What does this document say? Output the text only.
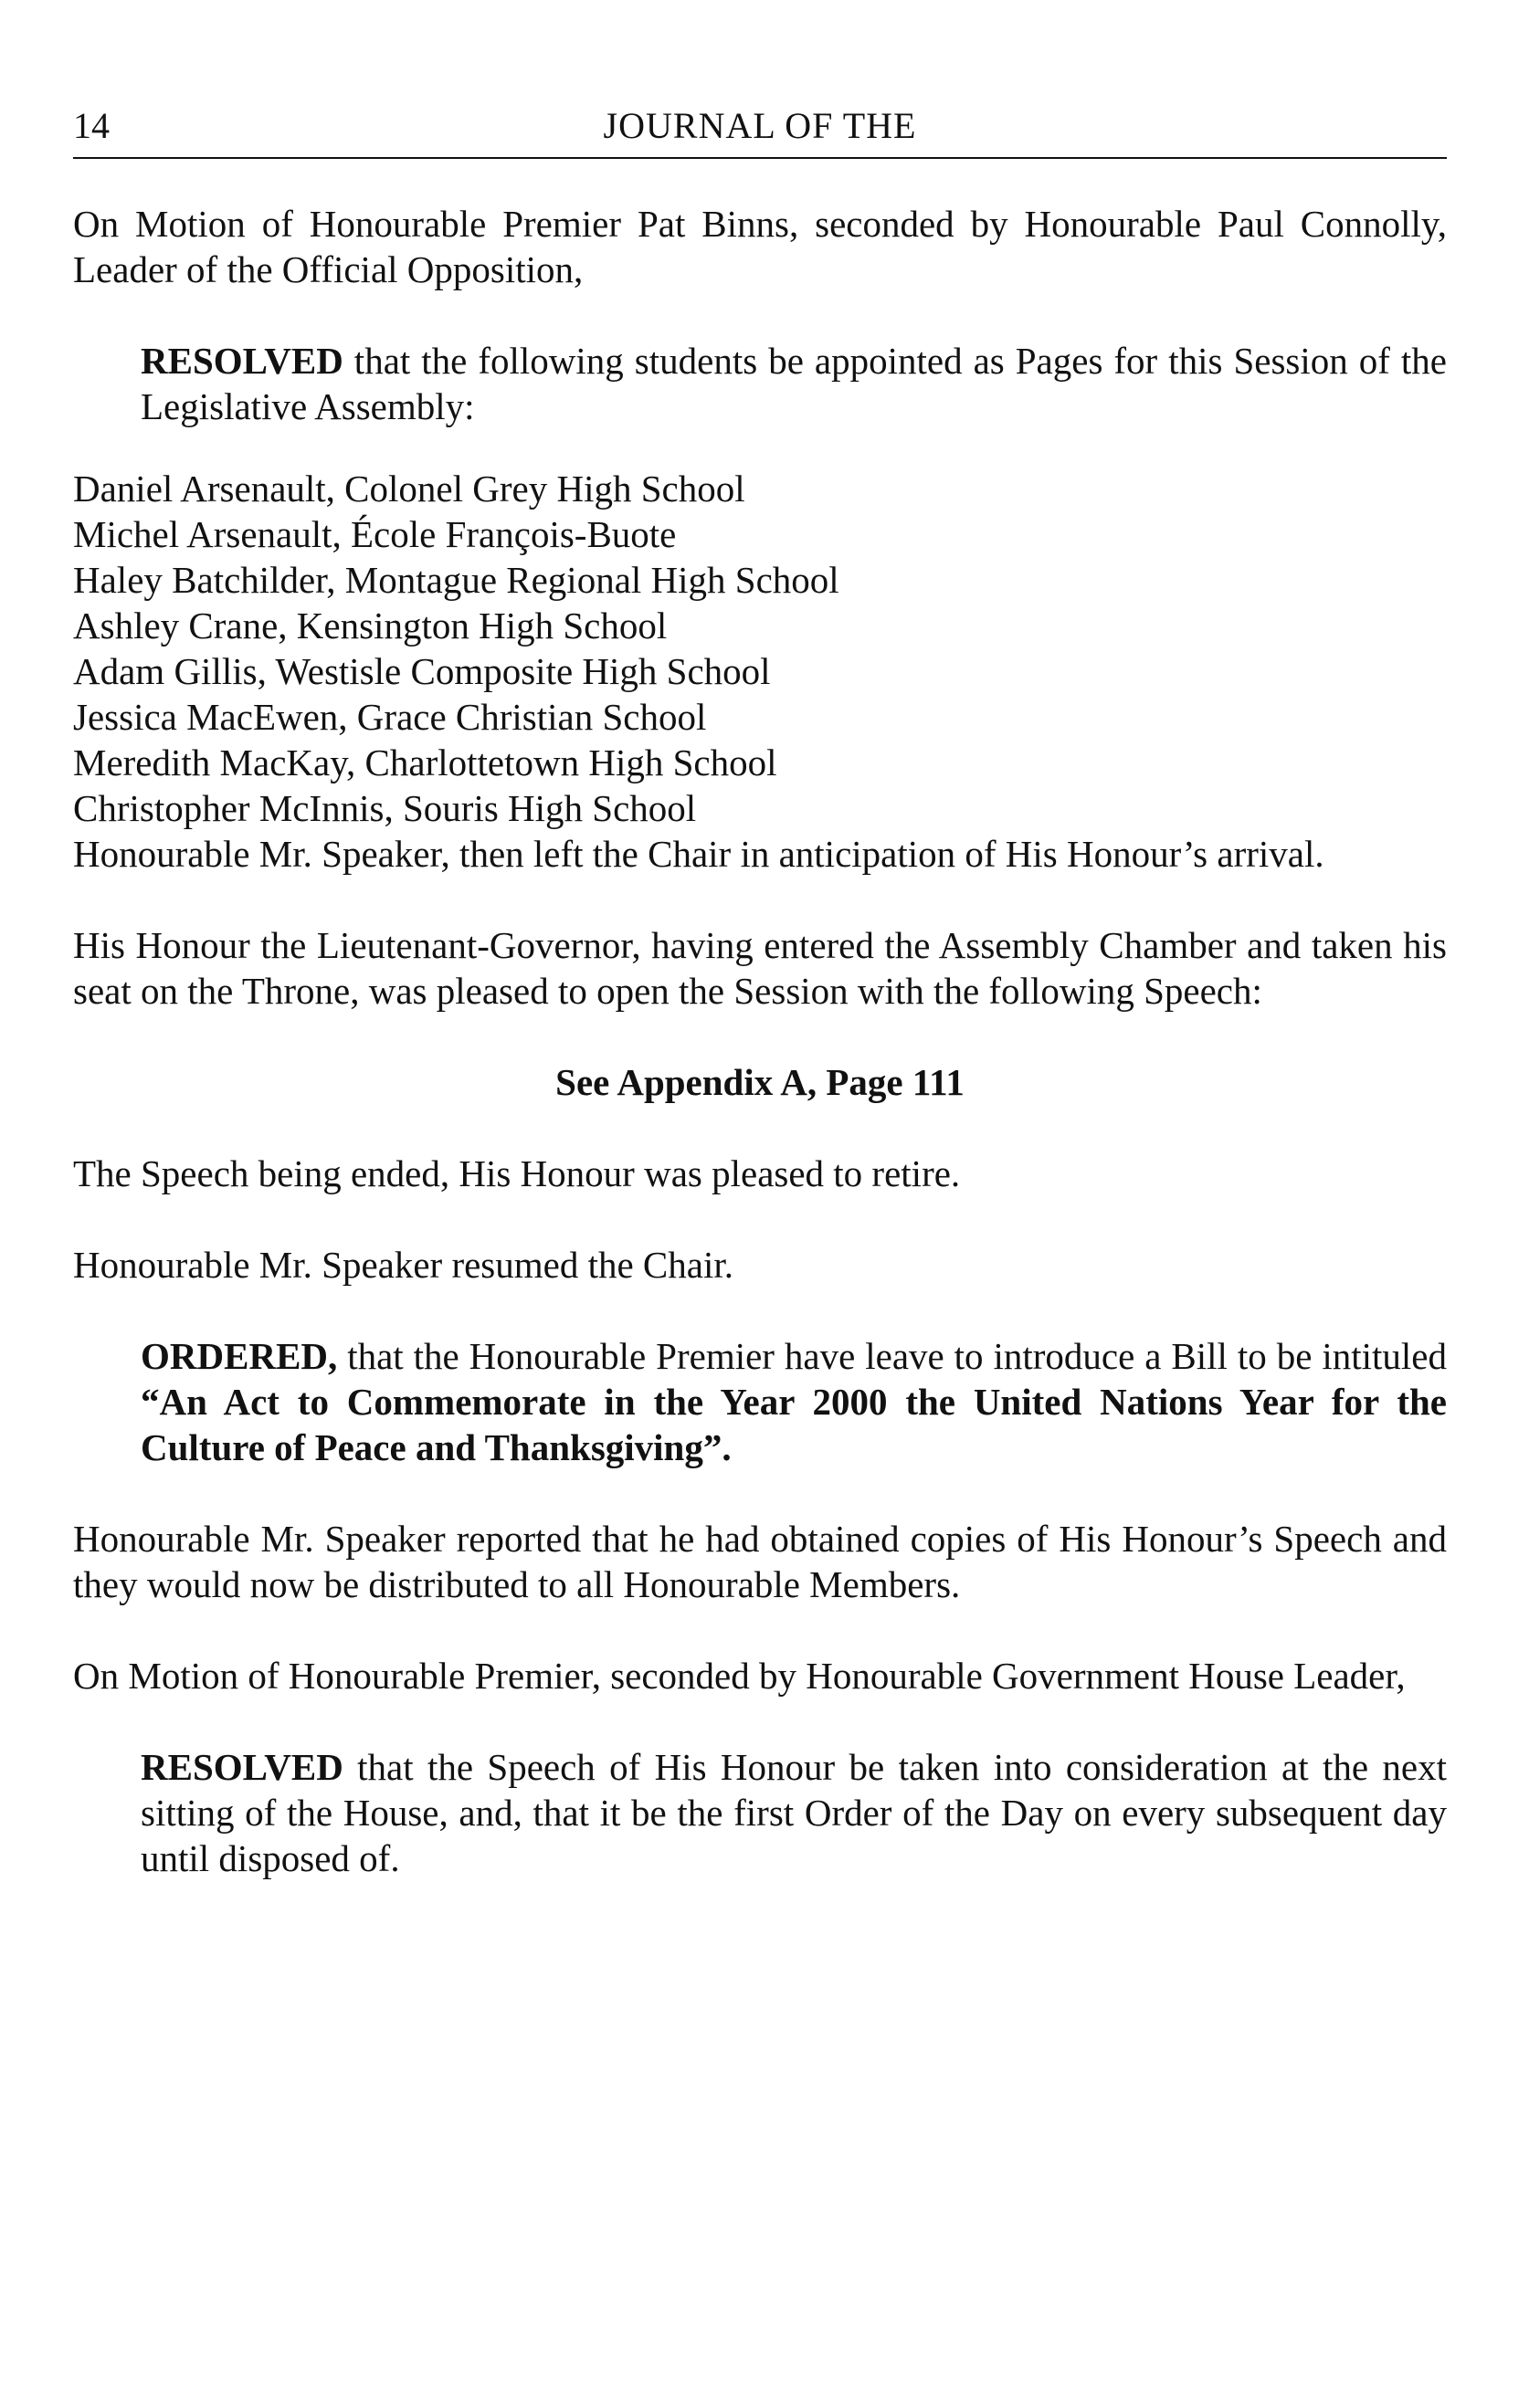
14	JOURNAL OF THE

On Motion of Honourable Premier Pat Binns, seconded by Honourable Paul Connolly, Leader of the Official Opposition,

RESOLVED that the following students be appointed as Pages for this Session of the Legislative Assembly:

Daniel Arsenault, Colonel Grey High School
Michel Arsenault, École François-Buote
Haley Batchilder, Montague Regional High School
Ashley Crane, Kensington High School
Adam Gillis, Westisle Composite High School
Jessica MacEwen, Grace Christian School
Meredith MacKay, Charlottetown High School
Christopher McInnis, Souris High School

Honourable Mr. Speaker, then left the Chair in anticipation of His Honour’s arrival.

His Honour the Lieutenant-Governor, having entered the Assembly Chamber and taken his seat on the Throne, was pleased to open the Session with the following Speech:

See Appendix A, Page 111

The Speech being ended, His Honour was pleased to retire.

Honourable Mr. Speaker resumed the Chair.

ORDERED, that the Honourable Premier have leave to introduce a Bill to be intituled “An Act to Commemorate in the Year 2000 the United Nations Year for the Culture of Peace and Thanksgiving”.

Honourable Mr. Speaker reported that he had obtained copies of His Honour’s Speech and they would now be distributed to all Honourable Members.

On Motion of Honourable Premier, seconded by Honourable Government House Leader,

RESOLVED that the Speech of His Honour be taken into consideration at the next sitting of the House, and, that it be the first Order of the Day on every subsequent day until disposed of.
